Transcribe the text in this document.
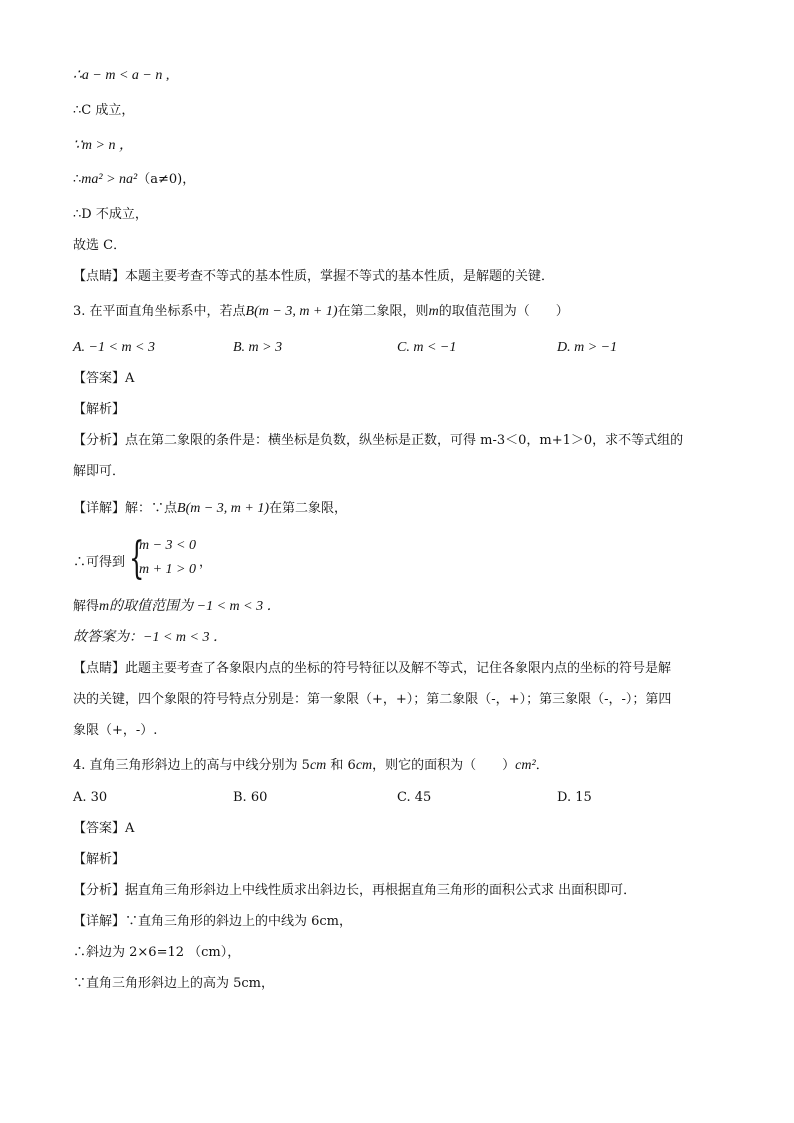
∴a − m < a − n ,
∴C 成立，
∵m > n ，
∴ma² > na²（a≠0)，
∴D 不成立，
故选 C．
【点睛】本题主要考查不等式的基本性质，掌握不等式的基本性质，是解题的关键．
3. 在平面直角坐标系中，若点B(m − 3, m + 1)在第二象限，则m的取值范围为（　　）
A. −1 < m < 3	B. m > 3	C. m < −1	D. m > −1
【答案】A
【解析】
【分析】点在第二象限的条件是：横坐标是负数，纵坐标是正数，可得 m-3＜0，m+1＞0，求不等式组的
解即可．
【详解】解：∵点B(m − 3, m + 1)在第二象限，
∴可得到 {
m − 3 < 0
m + 1 > 0 ，
解得m的取值范围为 −1 < m < 3 ．
故答案为：−1 < m < 3 ．
【点睛】此题主要考查了各象限内点的坐标的符号特征以及解不等式，记住各象限内点的坐标的符号是解
决的关键，四个象限的符号特点分别是：第一象限（+，+）；第二象限（-，+）；第三象限（-，-）；第四
象限（+，-）.
4. 直角三角形斜边上的高与中线分别为 5cm 和 6cm，则它的面积为（　　）cm²．
A. 30	B. 60	C. 45	D. 15
【答案】A
【解析】
【分析】据直角三角形斜边上中线性质求出斜边长，再根据直角三角形的面积公式求 出面积即可．
【详解】∵直角三角形的斜边上的中线为 6cm，
∴斜边为 2×6=12 （cm），
∵直角三角形斜边上的高为 5cm，
